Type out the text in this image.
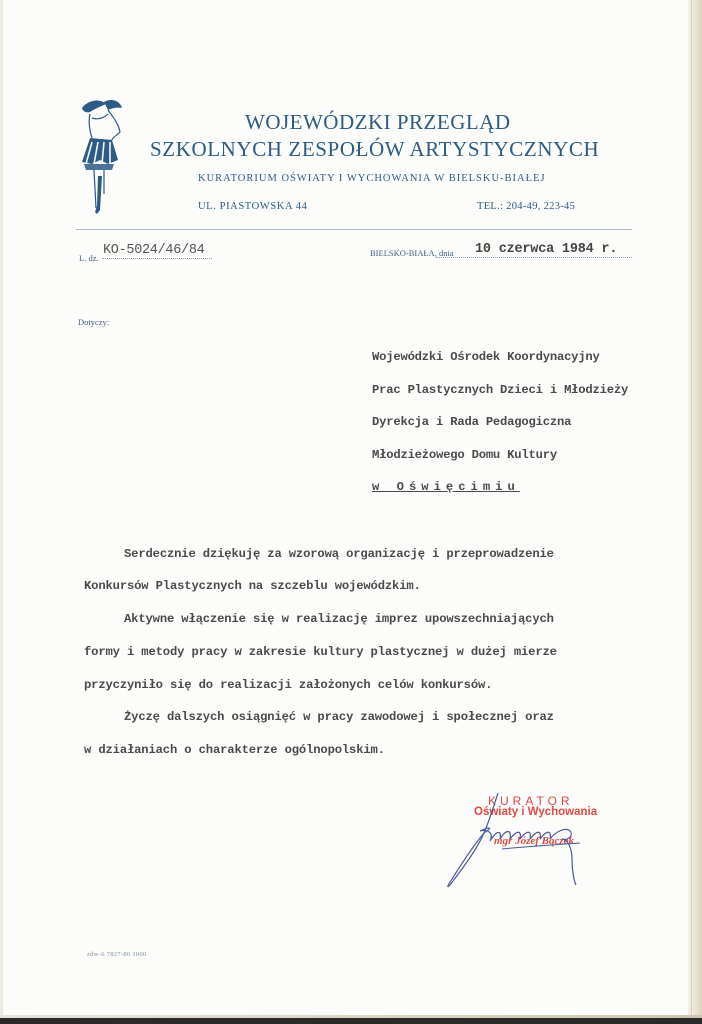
WOJEWÓDZKI PRZEGLĄD
SZKOLNYCH ZESPOŁÓW ARTYSTYCZNYCH
KURATORIUM OŚWIATY I WYCHOWANIA W BIELSKU-BIAŁEJ
UL. PIASTOWSKA 44	TEL.: 204-49, 223-45
L. dz. KO-5024/46/84	BIELSKO-BIAŁA, dnia 10 czerwca 1984 r.
Dotyczy:
Wojewódzki Ośrodek Koordynacyjny
Prac Plastycznych Dzieci i Młodzieży
Dyrekcja i Rada Pedagogiczna
Młodzieżowego Domu Kultury
w Oświęcimiu
Serdecznie dziękuję za wzorową organizację i przeprowadzenie
Konkursów Plastycznych na szczeblu wojewódzkim.
Aktywne włączenie się w realizację imprez upowszechniających
formy i metody pracy w zakresie kultury plastycznej w dużej mierze
przyczyniło się do realizacji założonych celów konkursów.
Życzę dalszych osiągnięć w pracy zawodowej i społecznej oraz
w działaniach o charakterze ogólnopolskim.
KURATOR
Oświaty i Wychowania
mgr Józef Bączek
zdw-6 7827-80 1000
